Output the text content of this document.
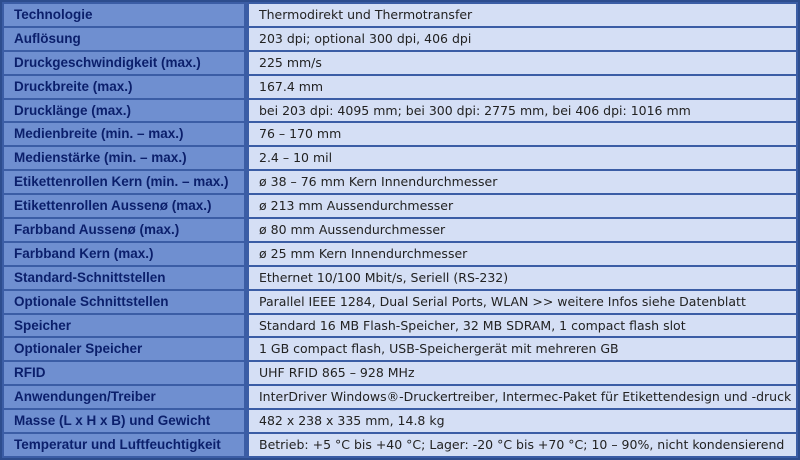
Technologie	Thermodirekt und Thermotransfer
Auflösung	203 dpi; optional 300 dpi, 406 dpi
Druckgeschwindigkeit (max.)	225 mm/s
Druckbreite (max.)	167.4 mm
Drucklänge (max.)	bei 203 dpi: 4095 mm; bei 300 dpi: 2775 mm, bei 406 dpi: 1016 mm
Medienbreite (min. – max.)	76 – 170 mm
Medienstärke (min. – max.)	2.4 – 10 mil
Etikettenrollen Kern (min. – max.)	ø 38 – 76 mm Kern Innendurchmesser
Etikettenrollen Aussenø (max.)	ø 213 mm Aussendurchmesser
Farbband Aussenø (max.)	ø 80 mm Aussendurchmesser
Farbband Kern (max.)	ø 25 mm Kern Innendurchmesser
Standard-Schnittstellen	Ethernet 10/100 Mbit/s, Seriell (RS-232)
Optionale Schnittstellen	Parallel IEEE 1284, Dual Serial Ports, WLAN >> weitere Infos siehe Datenblatt
Speicher	Standard 16 MB Flash-Speicher, 32 MB SDRAM, 1 compact flash slot
Optionaler Speicher	1 GB compact flash, USB-Speichergerät mit mehreren GB
RFID	UHF RFID 865 – 928 MHz
Anwendungen/Treiber	InterDriver Windows®-Druckertreiber, Intermec-Paket für Etikettendesign und -druck
Masse (L x H x B) und Gewicht	482 x 238 x 335 mm, 14.8 kg
Temperatur und Luftfeuchtigkeit	Betrieb: +5 °C bis +40 °C; Lager: -20 °C bis +70 °C; 10 – 90%, nicht kondensierend
